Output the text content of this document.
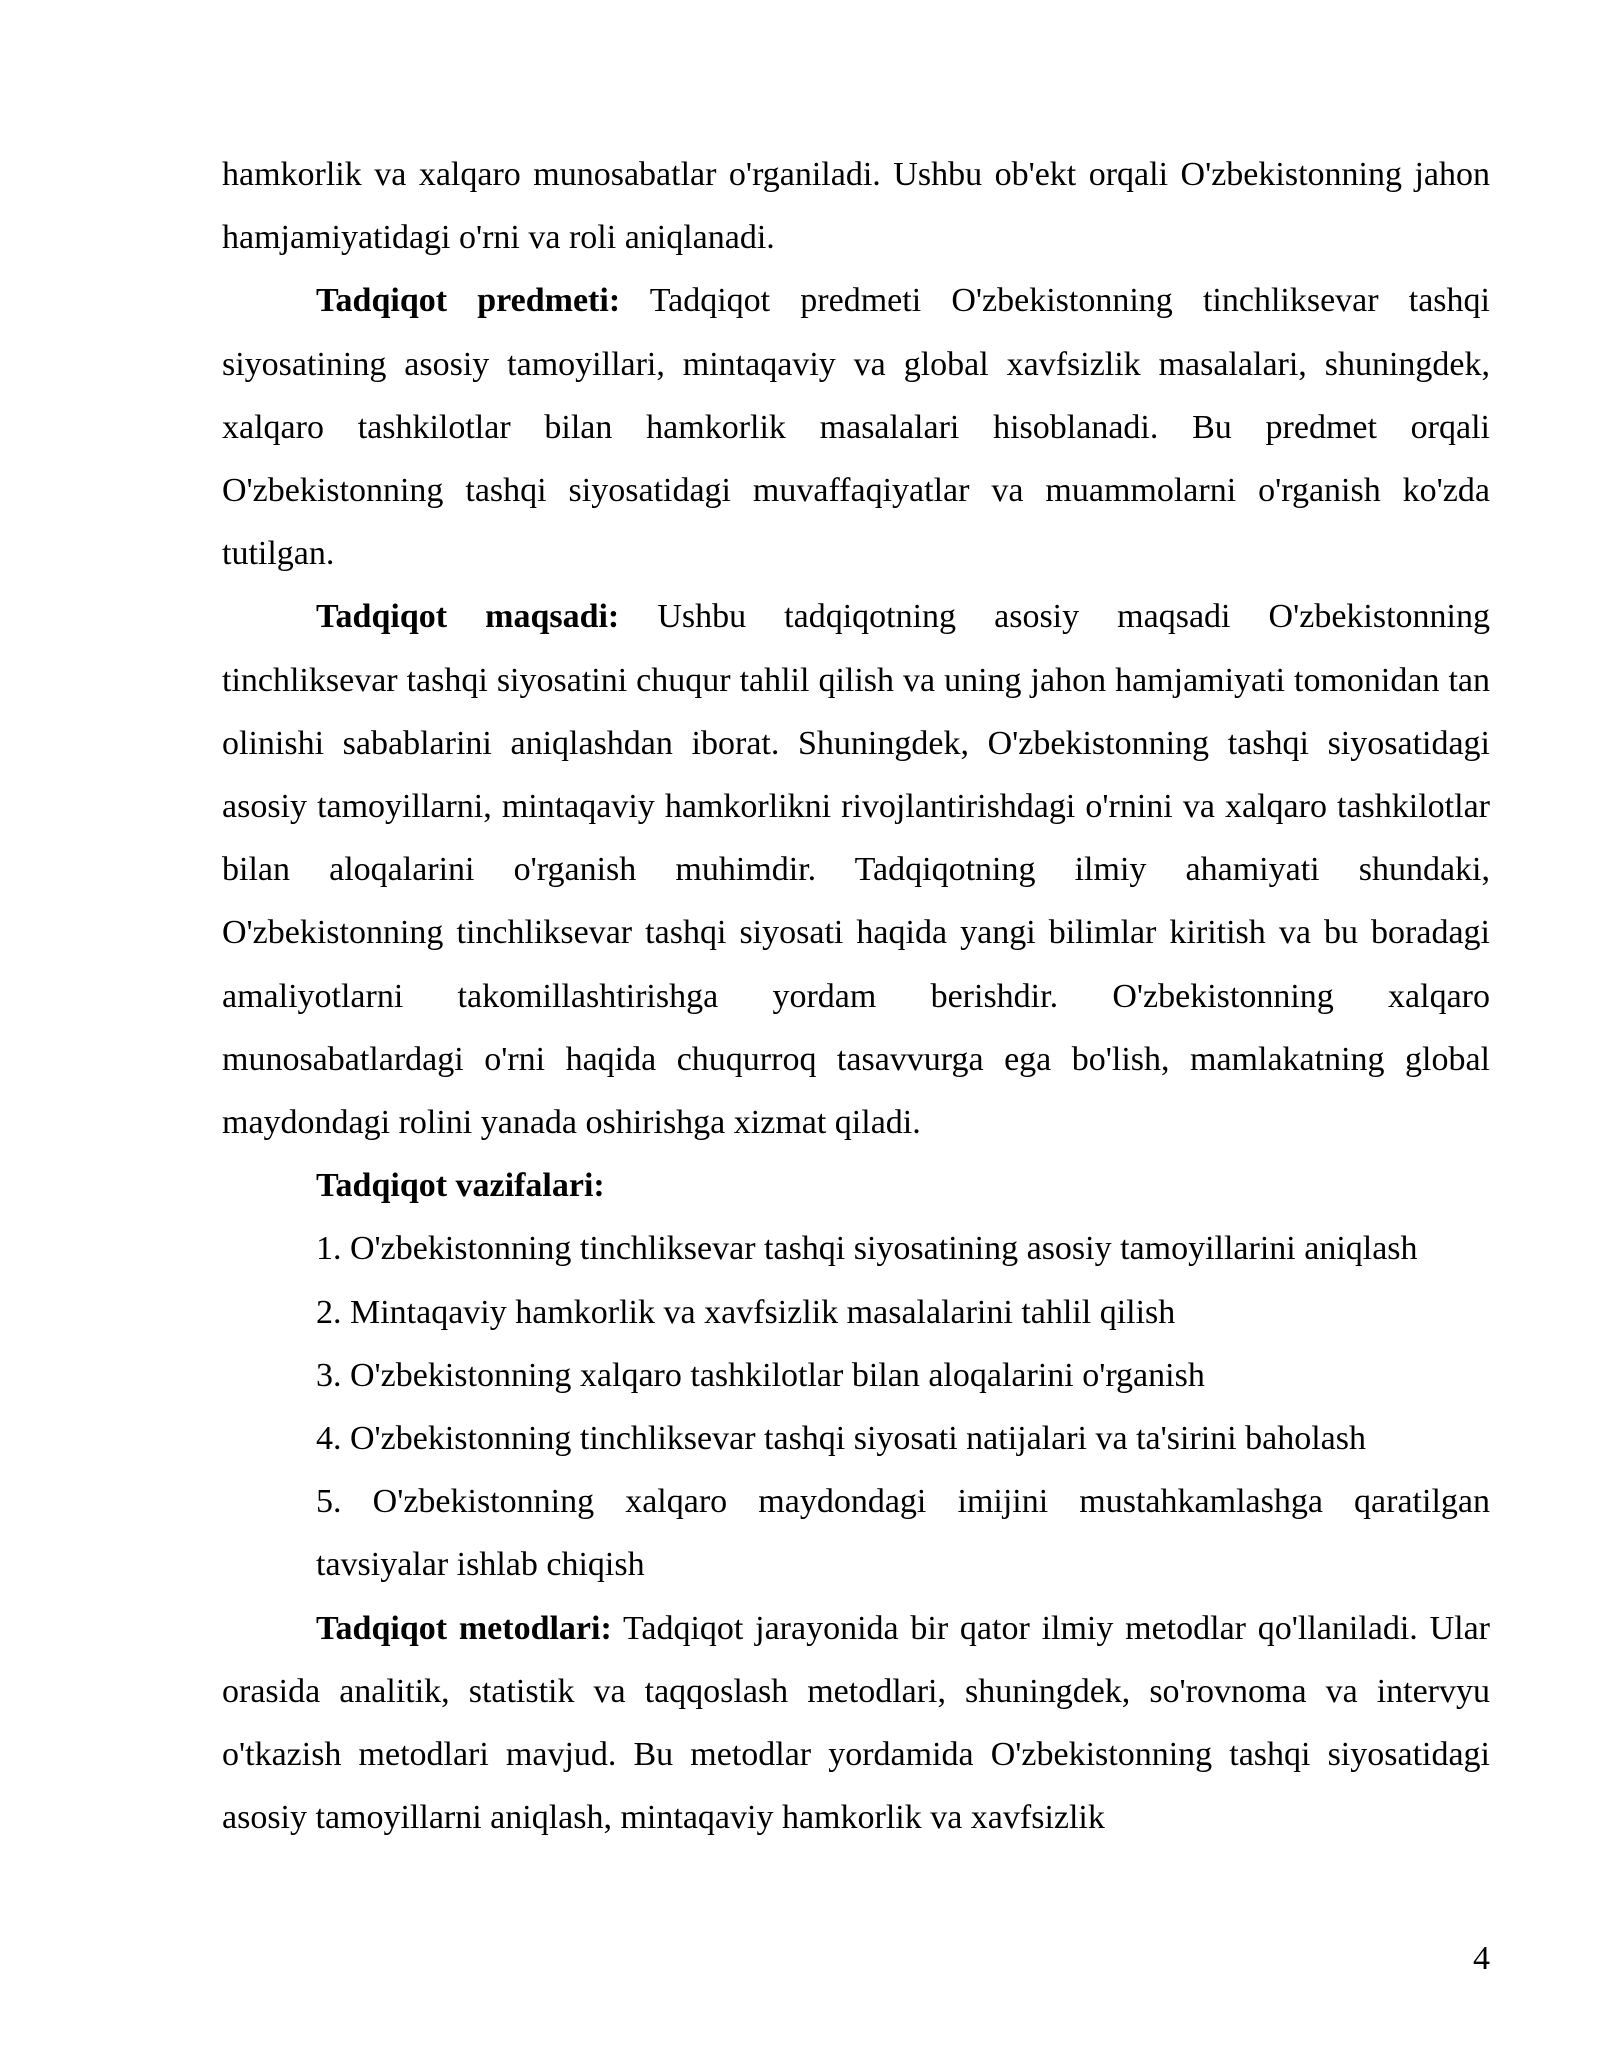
hamkorlik va xalqaro munosabatlar o'rganiladi. Ushbu ob'ekt orqali O'zbekistonning jahon hamjamiyatidagi o'rni va roli aniqlanadi.

Tadqiqot predmeti: Tadqiqot predmeti O'zbekistonning tinchliksevar tashqi siyosatining asosiy tamoyillari, mintaqaviy va global xavfsizlik masalalari, shuningdek, xalqaro tashkilotlar bilan hamkorlik masalalari hisoblanadi. Bu predmet orqali O'zbekistonning tashqi siyosatidagi muvaffaqiyatlar va muammolarni o'rganish ko'zda tutilgan.

Tadqiqot maqsadi: Ushbu tadqiqotning asosiy maqsadi O'zbekistonning tinchliksevar tashqi siyosatini chuqur tahlil qilish va uning jahon hamjamiyati tomonidan tan olinishi sabablarini aniqlashdan iborat. Shuningdek, O'zbekistonning tashqi siyosatidagi asosiy tamoyillarni, mintaqaviy hamkorlikni rivojlantirishdagi o'rnini va xalqaro tashkilotlar bilan aloqalarini o'rganish muhimdir. Tadqiqotning ilmiy ahamiyati shundaki, O'zbekistonning tinchliksevar tashqi siyosati haqida yangi bilimlar kiritish va bu boradagi amaliyotlarni takomillashtirishga yordam berishdir. O'zbekistonning xalqaro munosabatlardagi o'rni haqida chuqurroq tasavvurga ega bo'lish, mamlakatning global maydondagi rolini yanada oshirishga xizmat qiladi.

Tadqiqot vazifalari:

1. O'zbekistonning tinchliksevar tashqi siyosatining asosiy tamoyillarini aniqlash

2. Mintaqaviy hamkorlik va xavfsizlik masalalarini tahlil qilish

3. O'zbekistonning xalqaro tashkilotlar bilan aloqalarini o'rganish

4. O'zbekistonning tinchliksevar tashqi siyosati natijalari va ta'sirini baholash

5. O'zbekistonning xalqaro maydondagi imijini mustahkamlashga qaratilgan tavsiyalar ishlab chiqish

Tadqiqot metodlari: Tadqiqot jarayonida bir qator ilmiy metodlar qo'llaniladi. Ular orasida analitik, statistik va taqqoslash metodlari, shuningdek, so'rovnoma va intervyu o'tkazish metodlari mavjud. Bu metodlar yordamida O'zbekistonning tashqi siyosatidagi asosiy tamoyillarni aniqlash, mintaqaviy hamkorlik va xavfsizlik

4
